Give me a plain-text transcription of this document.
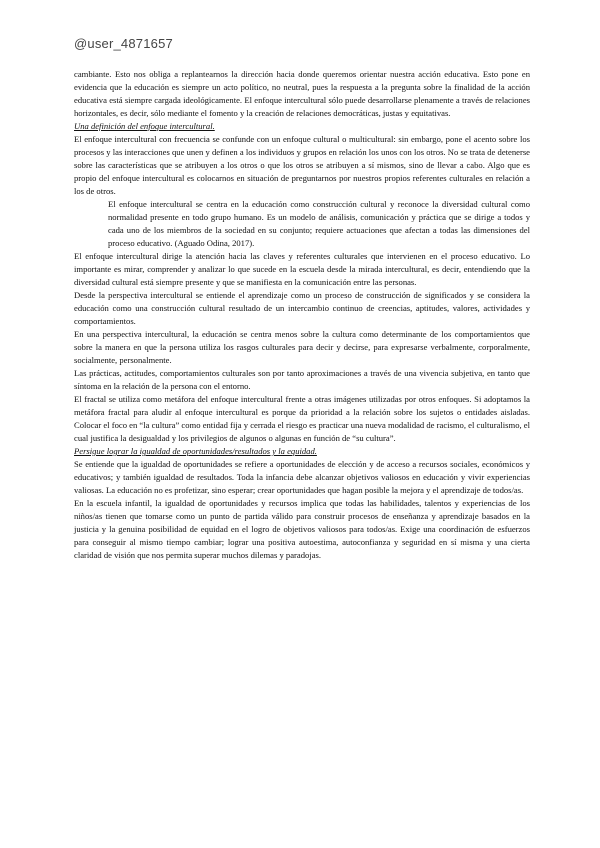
@user_4871657

cambiante. Esto nos obliga a replantearnos la dirección hacia donde queremos orientar nuestra acción educativa. Esto pone en evidencia que la educación es siempre un acto político, no neutral, pues la respuesta a la pregunta sobre la finalidad de la acción educativa está siempre cargada ideológicamente. El enfoque intercultural sólo puede desarrollarse plenamente a través de relaciones horizontales, es decir, sólo mediante el fomento y la creación de relaciones democráticas, justas y equitativas.

Una definición del enfoque intercultural.

El enfoque intercultural con frecuencia se confunde con un enfoque cultural o multicultural: sin embargo, pone el acento sobre los procesos y las interacciones que unen y definen a los individuos y grupos en relación los unos con los otros. No se trata de detenerse sobre las características que se atribuyen a los otros o que los otros se atribuyen a sí mismos, sino de llevar a cabo. Algo que es propio del enfoque intercultural es colocarnos en situación de preguntarnos por nuestros propios referentes culturales en relación a los de otros.

El enfoque intercultural se centra en la educación como construcción cultural y reconoce la diversidad cultural como normalidad presente en todo grupo humano. Es un modelo de análisis, comunicación y práctica que se dirige a todos y cada uno de los miembros de la sociedad en su conjunto; requiere actuaciones que afectan a todas las dimensiones del proceso educativo. (Aguado Odina, 2017).

El enfoque intercultural dirige la atención hacia las claves y referentes culturales que intervienen en el proceso educativo. Lo importante es mirar, comprender y analizar lo que sucede en la escuela desde la mirada intercultural, es decir, entendiendo que la diversidad cultural está siempre presente y que se manifiesta en la comunicación entre las personas.

Desde la perspectiva intercultural se entiende el aprendizaje como un proceso de construcción de significados y se considera la educación como una construcción cultural resultado de un intercambio continuo de creencias, aptitudes, valores, actividades y comportamientos.

En una perspectiva intercultural, la educación se centra menos sobre la cultura como determinante de los comportamientos que sobre la manera en que la persona utiliza los rasgos culturales para decir y decirse, para expresarse verbalmente, corporalmente, socialmente, personalmente.

Las prácticas, actitudes, comportamientos culturales son por tanto aproximaciones a través de una vivencia subjetiva, en tanto que síntoma en la relación de la persona con el entorno.

El fractal se utiliza como metáfora del enfoque intercultural frente a otras imágenes utilizadas por otros enfoques. Si adoptamos la metáfora fractal para aludir al enfoque intercultural es porque da prioridad a la relación sobre los sujetos o entidades aisladas. Colocar el foco en “la cultura” como entidad fija y cerrada el riesgo es practicar una nueva modalidad de racismo, el culturalismo, el cual justifica la desigualdad y los privilegios de algunos o algunas en función de “su cultura”.

Persigue lograr la igualdad de oportunidades/resultados y la equidad.

Se entiende que la igualdad de oportunidades se refiere a oportunidades de elección y de acceso a recursos sociales, económicos y educativos; y también igualdad de resultados. Toda la infancia debe alcanzar objetivos valiosos en educación y vivir experiencias valiosas. La educación no es profetizar, sino esperar; crear oportunidades que hagan posible la mejora y el aprendizaje de todos/as.

En la escuela infantil, la igualdad de oportunidades y recursos implica que todas las habilidades, talentos y experiencias de los niños/as tienen que tomarse como un punto de partida válido para construir procesos de enseñanza y aprendizaje basados en la justicia y la genuina posibilidad de equidad en el logro de objetivos valiosos para todos/as. Exige una coordinación de esfuerzos para conseguir al mismo tiempo cambiar; lograr una positiva autoestima, autoconfianza y seguridad en sí misma y una cierta claridad de visión que nos permita superar muchos dilemas y paradojas.
